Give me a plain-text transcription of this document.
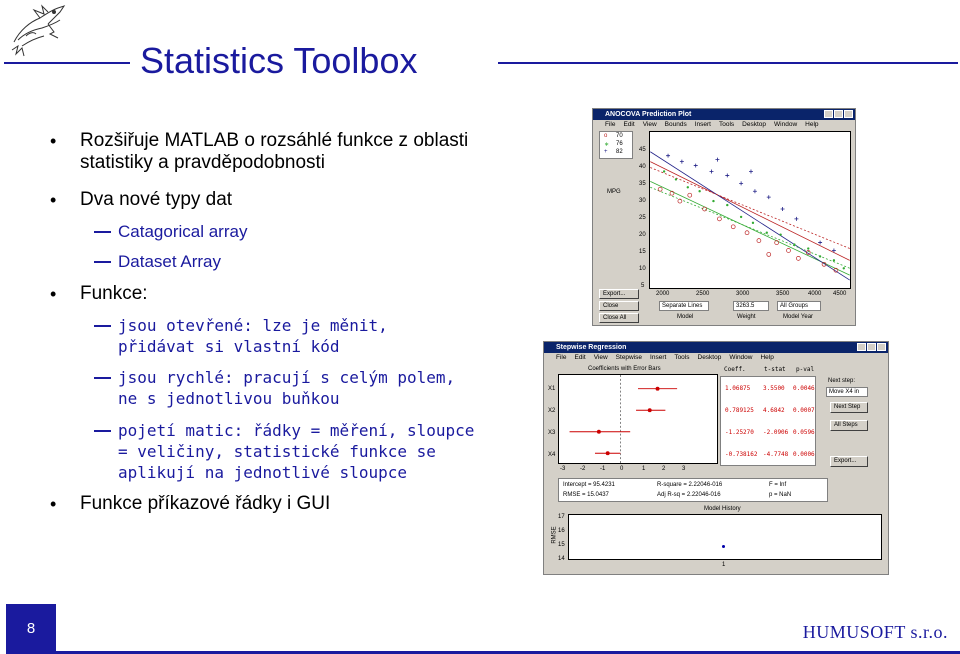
Statistics Toolbox
• Rozšiřuje MATLAB o rozsáhlé funkce z oblasti statistiky a pravděpodobnosti
• Dva nové typy dat
Catagorical array
Dataset Array
• Funkce:
jsou otevřené: lze je měnit, přidávat si vlastní kód
jsou rychlé: pracují s celým polem, ne s jednotlivou buňkou
pojetí matic: řádky = měření, sloupce = veličiny, statistické funkce se aplikují na jednotlivé sloupce
• Funkce příkazové řádky i GUI
ANOCOVA Prediction Plot
File Edit View Bounds Insert Tools Desktop Window Help
o 70
∗ 76
+ 82
MPG
45
40
35
30
25
20
15
10
5
2000	2500	3000	3500	4000 4500
Export...
Close
Close All
Separate Lines	3263.5	All Groups
Model	Weight	Model Year
Stepwise Regression
File Edit View Stepwise Insert Tools Desktop Window Help
Coefficients with Error Bars
X1
X2
X3
X4
-3 -2 -1 0	1	2	3
Coeff.	t-stat p-val
1.06875 3.5500 0.0046
0.789125 4.6842 0.0007
-1.25270 -2.0906 0.0596
-0.738162 -4.7748 0.0006
Next step:
Move X4 in
Next Step
All Steps
Export...
Intercept = 95.4231	R-square = 2.22046-016	F = Inf
RMSE = 15.0437	Adj R-sq = 2.22046-016	p = NaN
Model History
RMSE
17
16
15
14
1
8	HUMUSOFT s.r.o.
